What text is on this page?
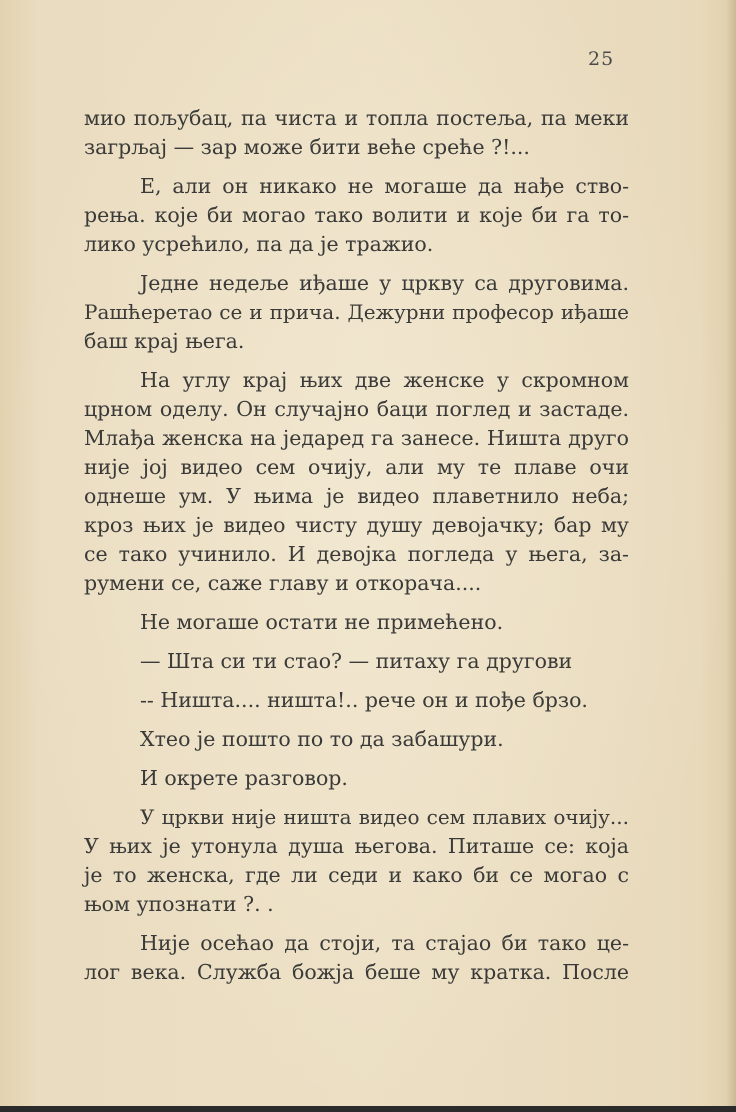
25
мио пољубац, па чиста и топла постеља, па меки
загрљај — зар може бити веће среће ?!...
Е, али он никако не могаше да нађе ство-
рења. које би могао тако волити и које би га то-
лико усрећило, па да је тражио.
Једне недеље иђаше у цркву са друговима.
Рашћеретао се и прича. Дежурни професор иђаше
баш крај њега.
На углу крај њих две женске у скромном
црном оделу. Он случајно баци поглед и застаде.
Млађа женска на једаред га занесе. Ништа друго
није јој видео сем очију, али му те плаве очи
однеше ум. У њима је видео плаветнило неба;
кроз њих је видео чисту душу девојачку; бар му
се тако учинило. И девојка погледа у њега, за-
румени се, саже главу и откорача....
Не могаше остати не примећено.
— Шта си ти стао? — питаху га другови
-- Ништа.... ништа!.. рече он и пође брзо.
Хтео је пошто по то да забашури.
И окрете разговор.
У цркви није ништа видео сем плавих очију...
У њих је утонула душа његова. Питаше се: која
је то женска, где ли седи и како би се могао с
њом упознати ?. .
Није осећао да стоји, та стајао би тако це-
лог века. Служба божја беше му кратка. После
